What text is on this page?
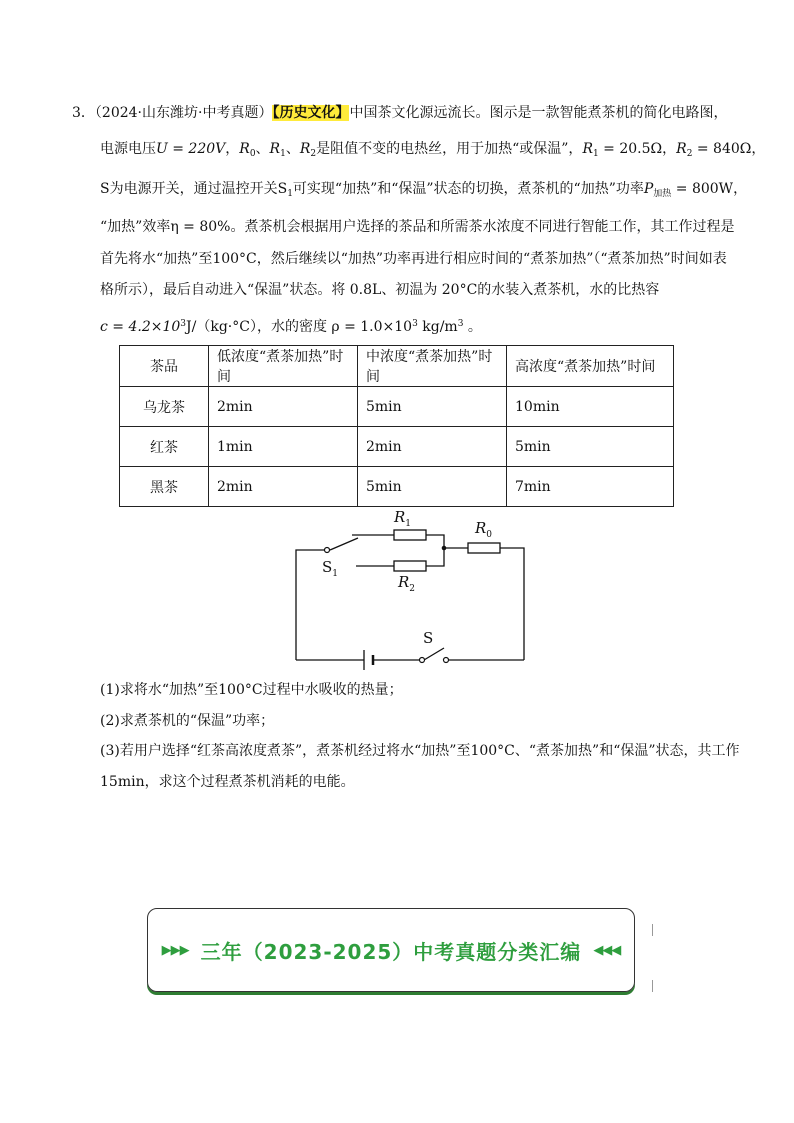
3．（2024·山东潍坊·中考真题）【历史文化】中国茶文化源远流长。图示是一款智能煮茶机的简化电路图，
电源电压U = 220V，$R_0$、$R_1$、$R_2$是阻值不变的电热丝，用于加热“或保温”，$R_1 = 20.5\Omega$，$R_2 = 840\Omega$，
S为电源开关，通过温控开关$S_1$可实现“加热”和“保温”状态的切换，煮茶机的“加热”功率$P_{加热} = 800W$，
“加热”效率η = 80%。煮茶机会根据用户选择的茶品和所需茶水浓度不同进行智能工作，其工作过程是
首先将水“加热”至100°C，然后继续以“加热”功率再进行相应时间的“煮茶加热”（“煮茶加热”时间如表
格所示），最后自动进入“保温”状态。将 0.8L、初温为 20°C的水装入煮茶机，水的比热容
$c = 4.2\times 10^3J/(kg\cdot^\circ C)$，水的密度 $\rho = 1.0\times 10^3$ $kg/m^3$ 。
茶品	低浓度“煮茶加热”时间	中浓度“煮茶加热”时间	高浓度“煮茶加热”时间
乌龙茶	2min	5min	10min
红茶	1min	2min	5min
黑茶	2min	5min	7min
$R_1$	$R_0$
$R_2$
$S_1$
S
(1)求将水“加热”至100°C过程中水吸收的热量；
(2)求煮茶机的“保温”功率；
(3)若用户选择“红茶高浓度煮茶”，煮茶机经过将水“加热”至100°C、“煮茶加热”和“保温”状态，共工作
15min，求这个过程煮茶机消耗的电能。
▶▶▶ 三年（2023-2025）中考真题分类汇编 ◀◀◀
